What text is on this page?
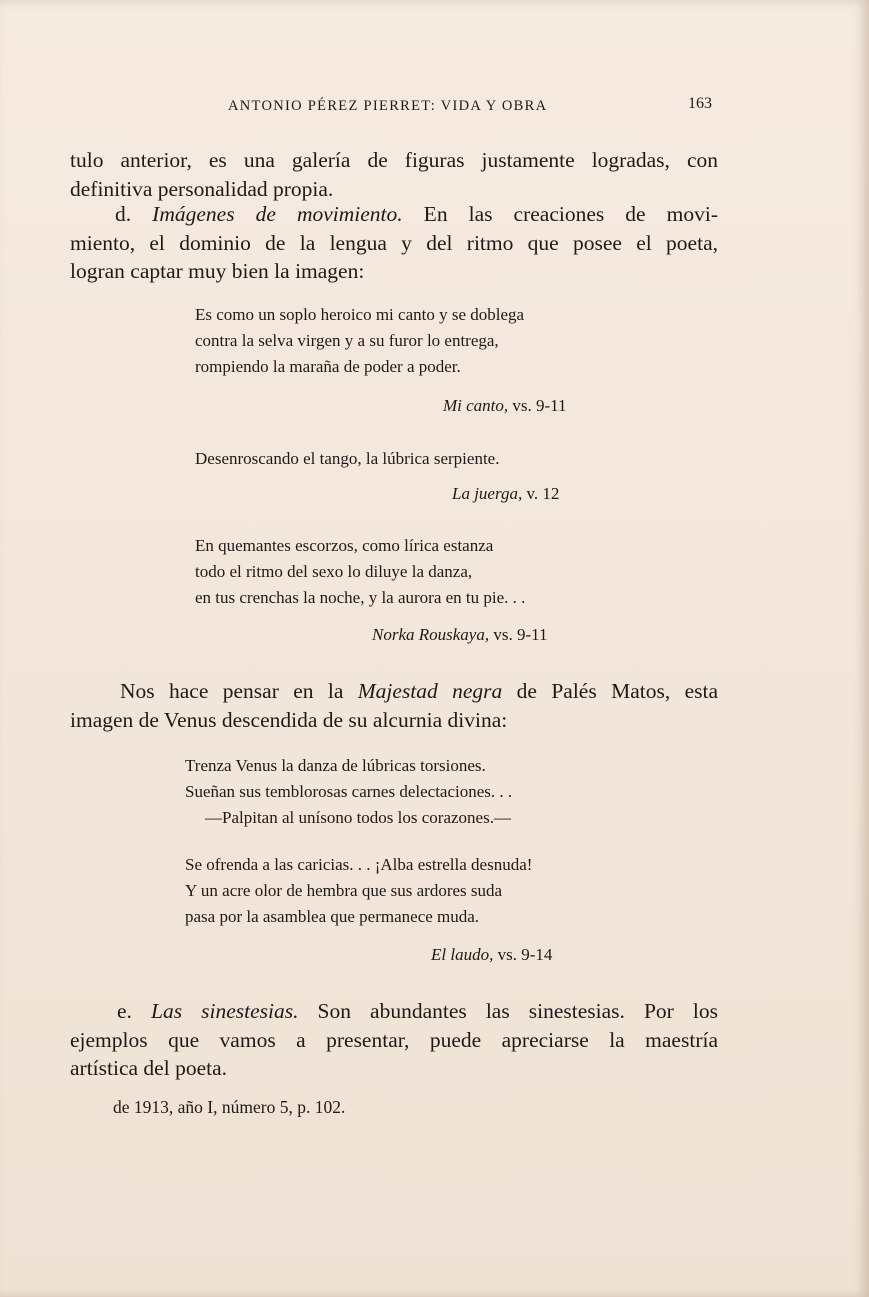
ANTONIO PÉREZ PIERRET: VIDA Y OBRA	163

tulo anterior, es una galería de figuras justamente logradas, con
definitiva personalidad propia.

d. Imágenes de movimiento. En las creaciones de movi-
miento, el dominio de la lengua y del ritmo que posee el poeta,
logran captar muy bien la imagen:

Es como un soplo heroico mi canto y se doblega
contra la selva virgen y a su furor lo entrega,
rompiendo la maraña de poder a poder.
Mi canto, vs. 9-11
Desenroscando el tango, la lúbrica serpiente.
La juerga, v. 12
En quemantes escorzos, como lírica estanza
todo el ritmo del sexo lo diluye la danza,
en tus crenchas la noche, y la aurora en tu pie. . .
Norka Rouskaya, vs. 9-11

Nos hace pensar en la Majestad negra de Palés Matos, esta
imagen de Venus descendida de su alcurnia divina:

Trenza Venus la danza de lúbricas torsiones.
Sueñan sus temblorosas carnes delectaciones. . .
—Palpitan al unísono todos los corazones.—
Se ofrenda a las caricias. . . ¡Alba estrella desnuda!
Y un acre olor de hembra que sus ardores suda
pasa por la asamblea que permanece muda.
El laudo, vs. 9-14

e. Las sinestesias. Son abundantes las sinestesias. Por los
ejemplos que vamos a presentar, puede apreciarse la maestría
artística del poeta.

de 1913, año I, número 5, p. 102.
